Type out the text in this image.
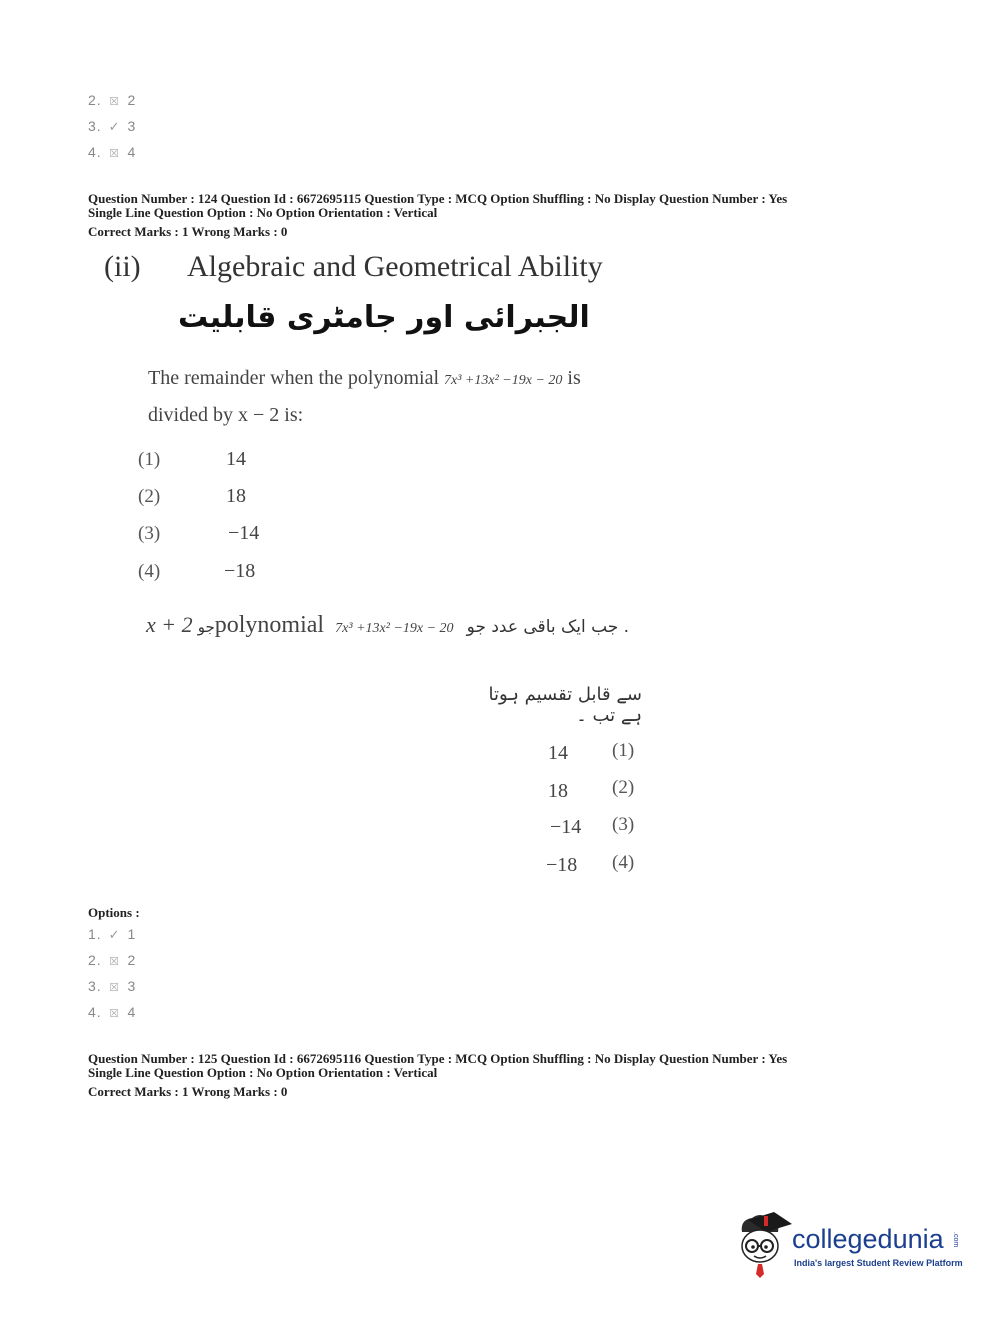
2. ☒ 2
3. ✓ 3
4. ☒ 4
Question Number : 124 Question Id : 6672695115 Question Type : MCQ Option Shuffling : No Display Question Number : Yes
Single Line Question Option : No Option Orientation : Vertical
Correct Marks : 1 Wrong Marks : 0
(ii) Algebraic and Geometrical Ability
الجبرائی اور جامٹری قابلیت
The remainder when the polynomial 7x³ +13x² −19x − 20 is
divided by x − 2 is:
(1)	14
(2)	18
(3)	−14
(4)	−18
x + 2 جوpolynomial 7x³ +13x² −19x − 20 جب ایک باقی عدد جو .
سے قابل تقسیم ہوتا ہے تب ۔
14 (1)
18 (2)
−14 (3)
−18 (4)
Options :
1. ✓ 1
2. ☒ 2
3. ☒ 3
4. ☒ 4
Question Number : 125 Question Id : 6672695116 Question Type : MCQ Option Shuffling : No Display Question Number : Yes
Single Line Question Option : No Option Orientation : Vertical
Correct Marks : 1 Wrong Marks : 0
collegedunia .com
India's largest Student Review Platform
